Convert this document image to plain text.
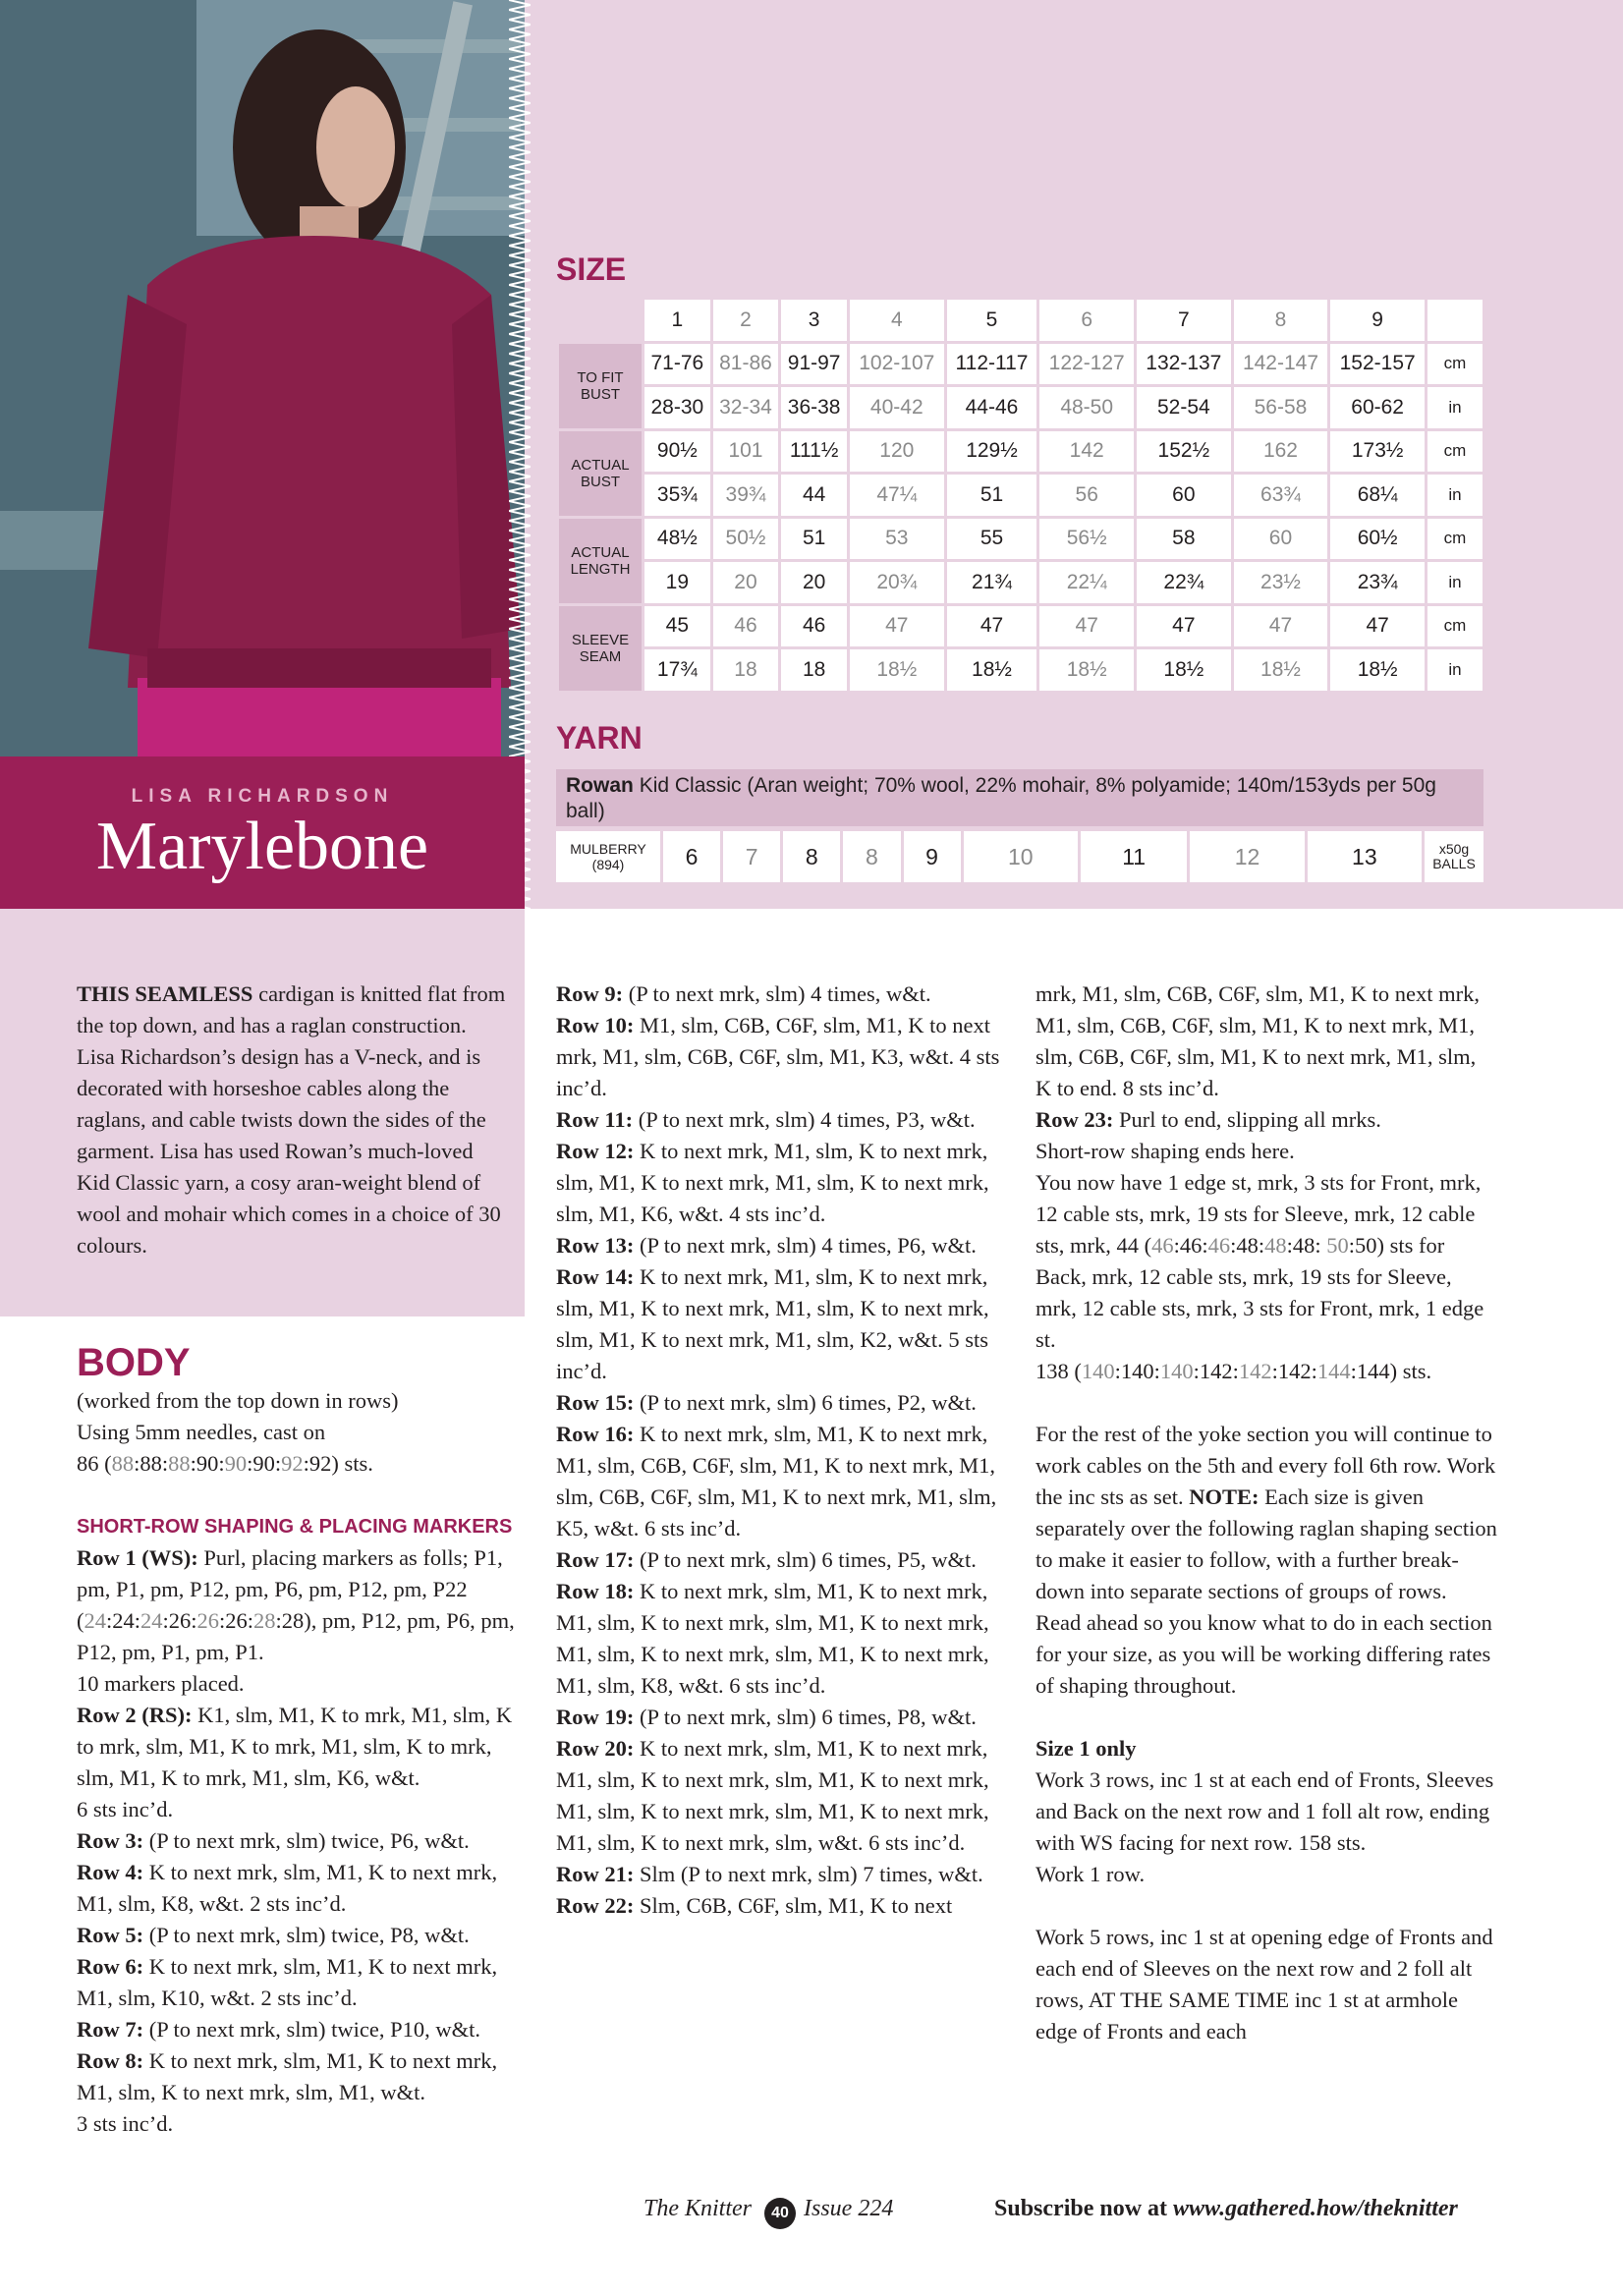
LISA RICHARDSON
Marylebone
SIZE
	1	2	3	4	5	6	7	8	9	
TO FIT BUST	71-76	81-86	91-97	102-107	112-117	122-127	132-137	142-147	152-157	cm
	28-30	32-34	36-38	40-42	44-46	48-50	52-54	56-58	60-62	in
ACTUAL BUST	90½	101	111½	120	129½	142	152½	162	173½	cm
	35¾	39¾	44	47¼	51	56	60	63¾	68¼	in
ACTUAL LENGTH	48½	50½	51	53	55	56½	58	60	60½	cm
	19	20	20	20¾	21¾	22¼	22¾	23½	23¾	in
SLEEVE SEAM	45	46	46	47	47	47	47	47	47	cm
	17¾	18	18	18½	18½	18½	18½	18½	18½	in
YARN
Rowan Kid Classic (Aran weight; 70% wool, 22% mohair, 8% polyamide; 140m/153yds per 50g ball)
MULBERRY (894)	6	7	8	8	9	10	11	12	13	x50g BALLS
THIS SEAMLESS cardigan is knitted flat from the top down, and has a raglan construction. Lisa Richardson’s design has a V-neck, and is decorated with horseshoe cables along the raglans, and cable twists down the sides of the garment. Lisa has used Rowan’s much-loved Kid Classic yarn, a cosy aran-weight blend of wool and mohair which comes in a choice of 30 colours.
BODY

(worked from the top down in rows)

Using 5mm needles, cast on

86 (88:88:88:90:90:90:92:92) sts.

SHORT-ROW SHAPING & PLACING MARKERS

Row 1 (WS): Purl, placing markers as folls; P1, pm, P1, pm, P12, pm, P6, pm, P12, pm, P22 (24:24:24:26:26:26:28:28), pm, P12, pm, P6, pm, P12, pm, P1, pm, P1.
10 markers placed.

Row 2 (RS): K1, slm, M1, K to mrk, M1, slm, K to mrk, slm, M1, K to mrk, M1, slm, K to mrk, slm, M1, K to mrk, M1, slm, K6, w&t.
6 sts inc’d.

Row 3: (P to next mrk, slm) twice, P6, w&t.

Row 4: K to next mrk, slm, M1, K to next mrk, M1, slm, K8, w&t. 2 sts inc’d.

Row 5: (P to next mrk, slm) twice, P8, w&t.

Row 6: K to next mrk, slm, M1, K to next mrk, M1, slm, K10, w&t. 2 sts inc’d.

Row 7: (P to next mrk, slm) twice, P10, w&t.

Row 8: K to next mrk, slm, M1, K to next mrk, M1, slm, K to next mrk, slm, M1, w&t.
3 sts inc’d.

Row 9: (P to next mrk, slm) 4 times, w&t.

Row 10: M1, slm, C6B, C6F, slm, M1, K to next mrk, M1, slm, C6B, C6F, slm, M1, K3, w&t. 4 sts inc’d.

Row 11: (P to next mrk, slm) 4 times, P3, w&t.

Row 12: K to next mrk, M1, slm, K to next mrk, slm, M1, K to next mrk, M1, slm, K to next mrk, slm, M1, K6, w&t. 4 sts inc’d.

Row 13: (P to next mrk, slm) 4 times, P6, w&t.

Row 14: K to next mrk, M1, slm, K to next mrk, slm, M1, K to next mrk, M1, slm, K to next mrk, slm, M1, K to next mrk, M1, slm, K2, w&t. 5 sts inc’d.

Row 15: (P to next mrk, slm) 6 times, P2, w&t.

Row 16: K to next mrk, slm, M1, K to next mrk, M1, slm, C6B, C6F, slm, M1, K to next mrk, M1, slm, C6B, C6F, slm, M1, K to next mrk, M1, slm, K5, w&t. 6 sts inc’d.

Row 17: (P to next mrk, slm) 6 times, P5, w&t.

Row 18: K to next mrk, slm, M1, K to next mrk, M1, slm, K to next mrk, slm, M1, K to next mrk, M1, slm, K to next mrk, slm, M1, K to next mrk, M1, slm, K8, w&t. 6 sts inc’d.

Row 19: (P to next mrk, slm) 6 times, P8, w&t.

Row 20: K to next mrk, slm, M1, K to next mrk, M1, slm, K to next mrk, slm, M1, K to next mrk, M1, slm, K to next mrk, slm, M1, K to next mrk, M1, slm, K to next mrk, slm, w&t. 6 sts inc’d.

Row 21: Slm (P to next mrk, slm) 7 times, w&t.

Row 22: Slm, C6B, C6F, slm, M1, K to next

mrk, M1, slm, C6B, C6F, slm, M1, K to next mrk, M1, slm, C6B, C6F, slm, M1, K to next mrk, M1, slm, C6B, C6F, slm, M1, K to next mrk, M1, slm, K to end. 8 sts inc’d.

Row 23: Purl to end, slipping all mrks.
Short-row shaping ends here.

You now have 1 edge st, mrk, 3 sts for Front, mrk, 12 cable sts, mrk, 19 sts for Sleeve, mrk, 12 cable sts, mrk, 44 (46:46:46:48:48:48: 50:50) sts for Back, mrk, 12 cable sts, mrk, 19 sts for Sleeve, mrk, 12 cable sts, mrk, 3 sts for Front, mrk, 1 edge st.
138 (140:140:140:142:142:142:144:144) sts.

For the rest of the yoke section you will continue to work cables on the 5th and every foll 6th row. Work the inc sts as set. NOTE: Each size is given separately over the following raglan shaping section to make it easier to follow, with a further break-down into separate sections of groups of rows. Read ahead so you know what to do in each section for your size, as you will be working differing rates of shaping throughout.

Size 1 only

Work 3 rows, inc 1 st at each end of Fronts, Sleeves and Back on the next row and 1 foll alt row, ending with WS facing for next row. 158 sts.
Work 1 row.

Work 5 rows, inc 1 st at opening edge of Fronts and each end of Sleeves on the next row and 2 foll alt rows, AT THE SAME TIME inc 1 st at armhole edge of Fronts and each

The Knitter	40 Issue 224	Subscribe now at www.gathered.how/theknitter
